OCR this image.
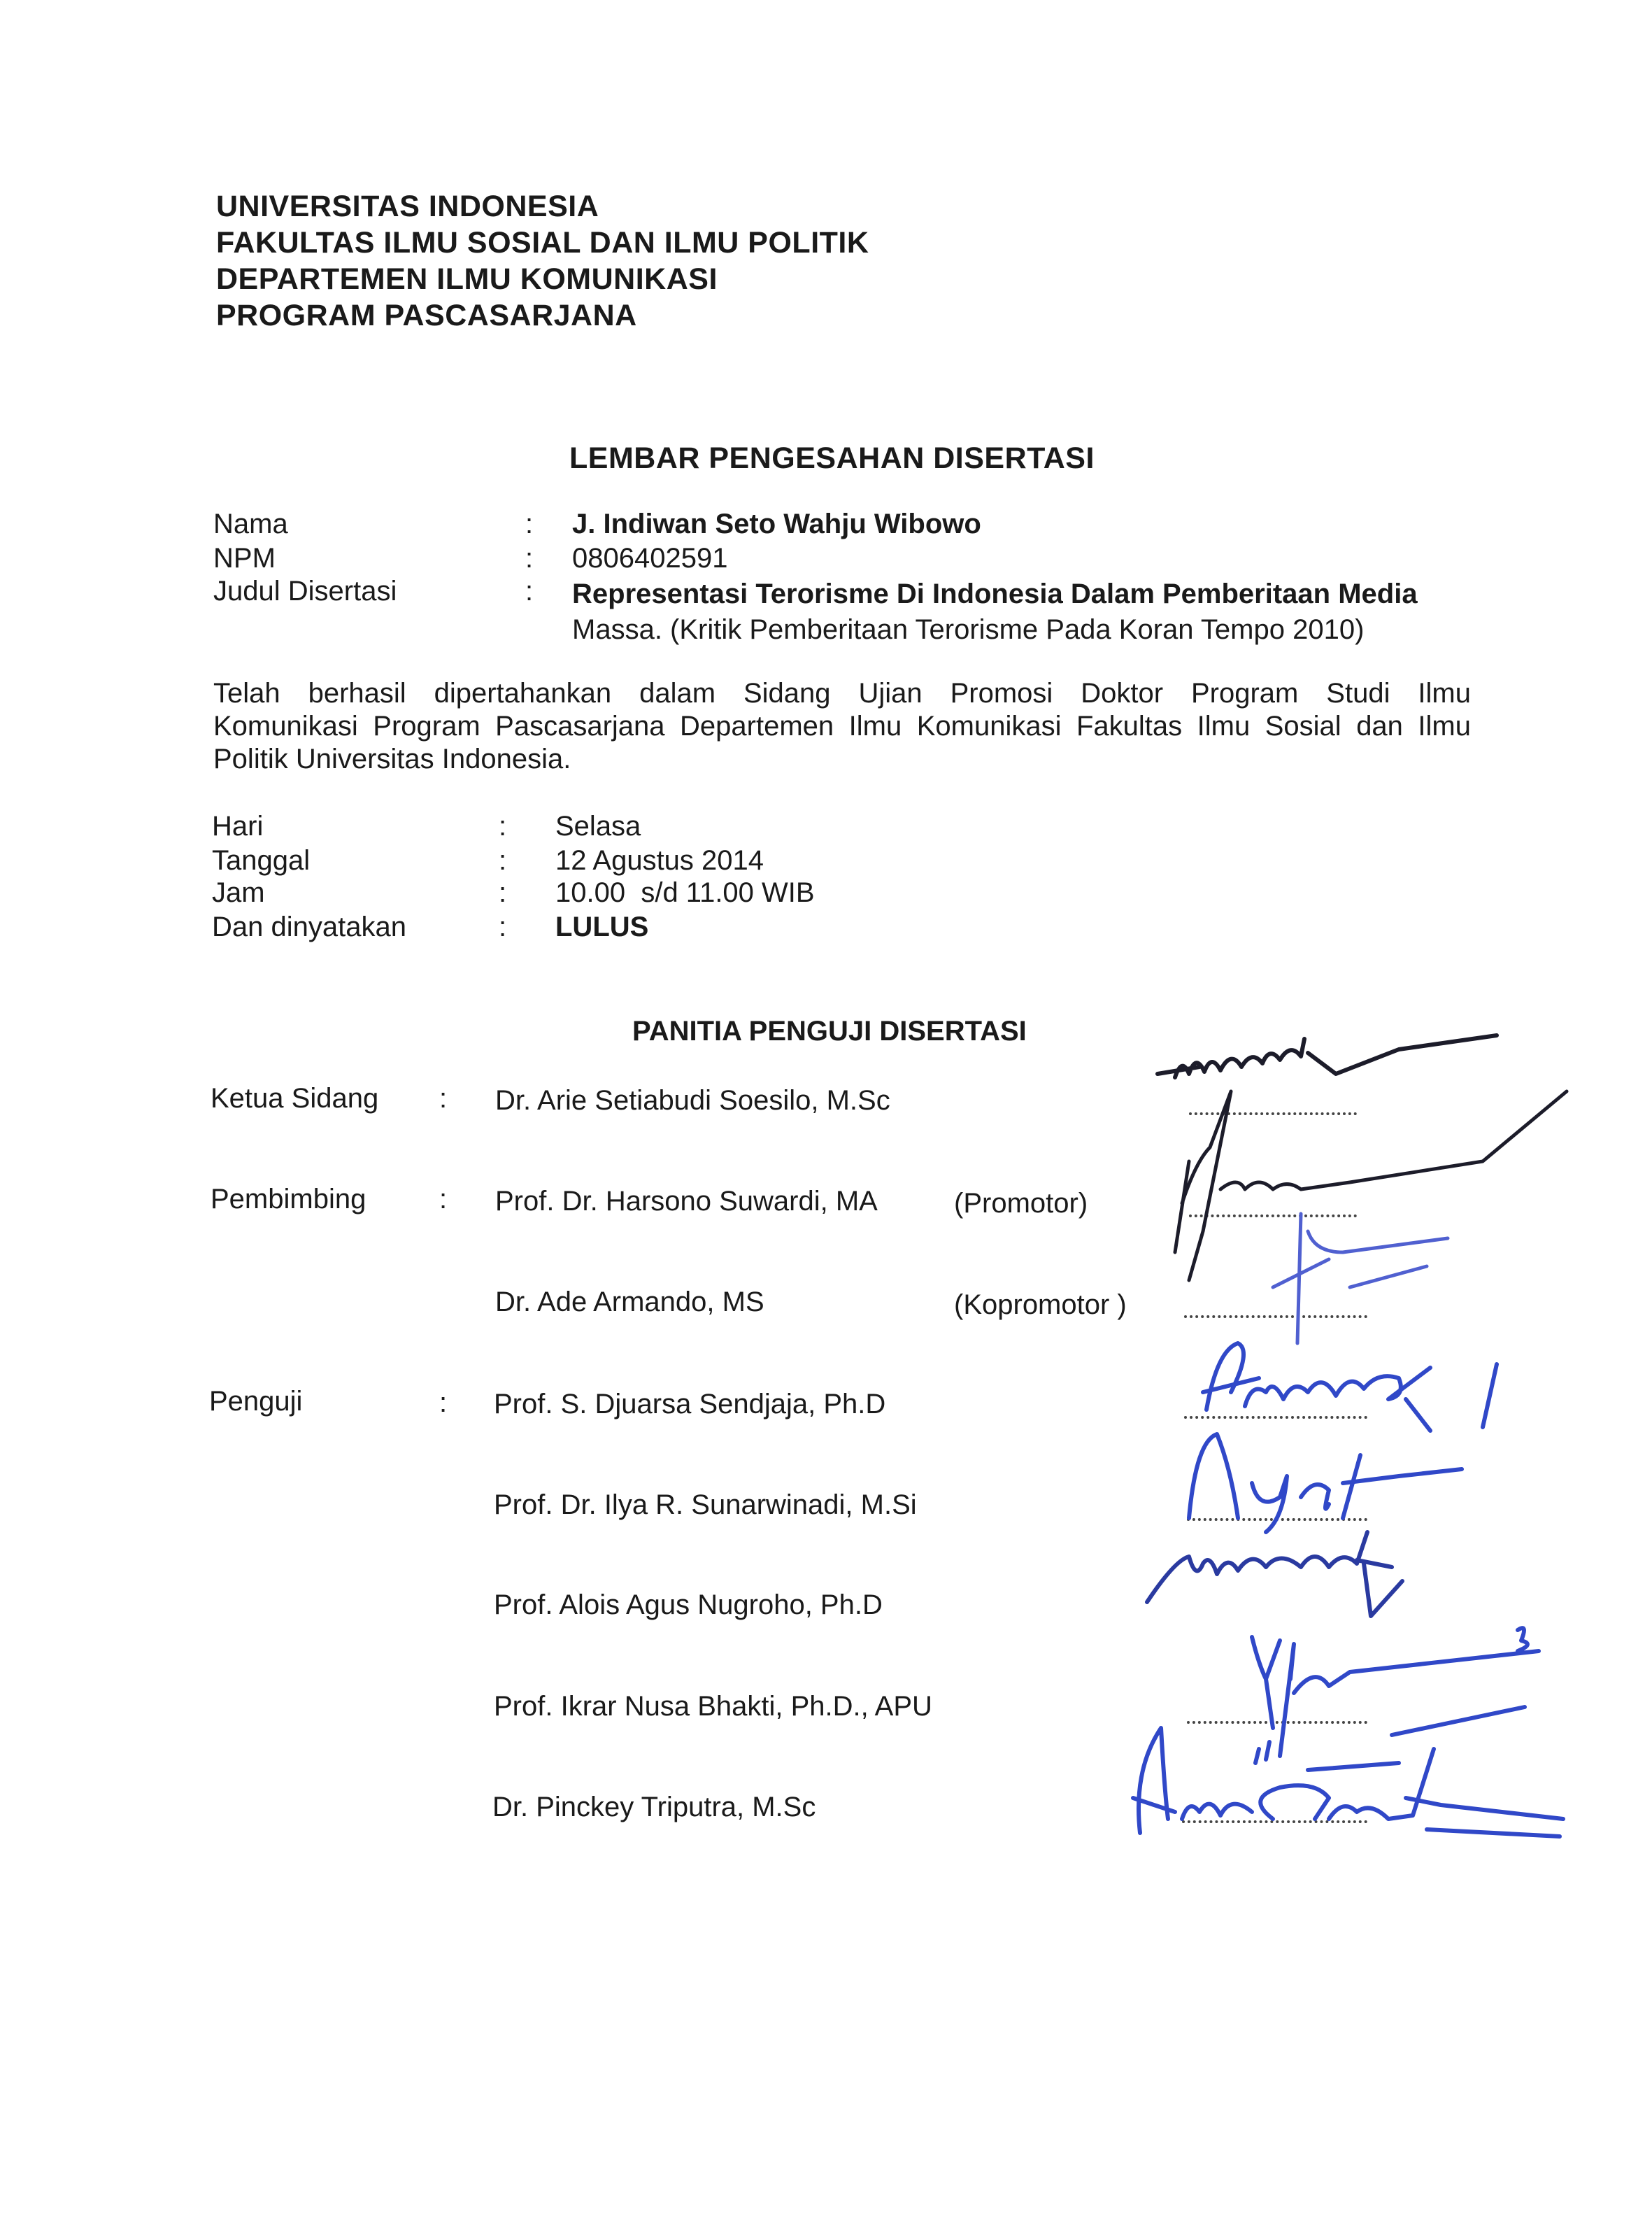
UNIVERSITAS INDONESIA
FAKULTAS ILMU SOSIAL DAN ILMU POLITIK
DEPARTEMEN ILMU KOMUNIKASI
PROGRAM PASCASARJANA
LEMBAR PENGESAHAN DISERTASI
Nama	: J. Indiwan Seto Wahju Wibowo
NPM	: 0806402591
Judul Disertasi	: Representasi Terorisme Di Indonesia Dalam Pemberitaan Media
Massa. (Kritik Pemberitaan Terorisme Pada Koran Tempo 2010)
Telah berhasil dipertahankan dalam Sidang Ujian Promosi Doktor Program Studi Ilmu
Komunikasi Program Pascasarjana Departemen Ilmu Komunikasi Fakultas Ilmu Sosial dan Ilmu
Politik Universitas Indonesia.
Hari	: Selasa
Tanggal	: 12 Agustus 2014
Jam	: 10.00  s/d 11.00 WIB
Dan dinyatakan	: LULUS
PANITIA PENGUJI DISERTASI
Ketua Sidang : Dr. Arie Setiabudi Soesilo, M.Sc
Pembimbing	: Prof. Dr. Harsono Suwardi, MA	(Promotor)
Dr. Ade Armando, MS	(Kopromotor )
Penguji	: Prof. S. Djuarsa Sendjaja, Ph.D
Prof. Dr. Ilya R. Sunarwinadi, M.Si
Prof. Alois Agus Nugroho, Ph.D
Prof. Ikrar Nusa Bhakti, Ph.D., APU
Dr. Pinckey Triputra, M.Sc
